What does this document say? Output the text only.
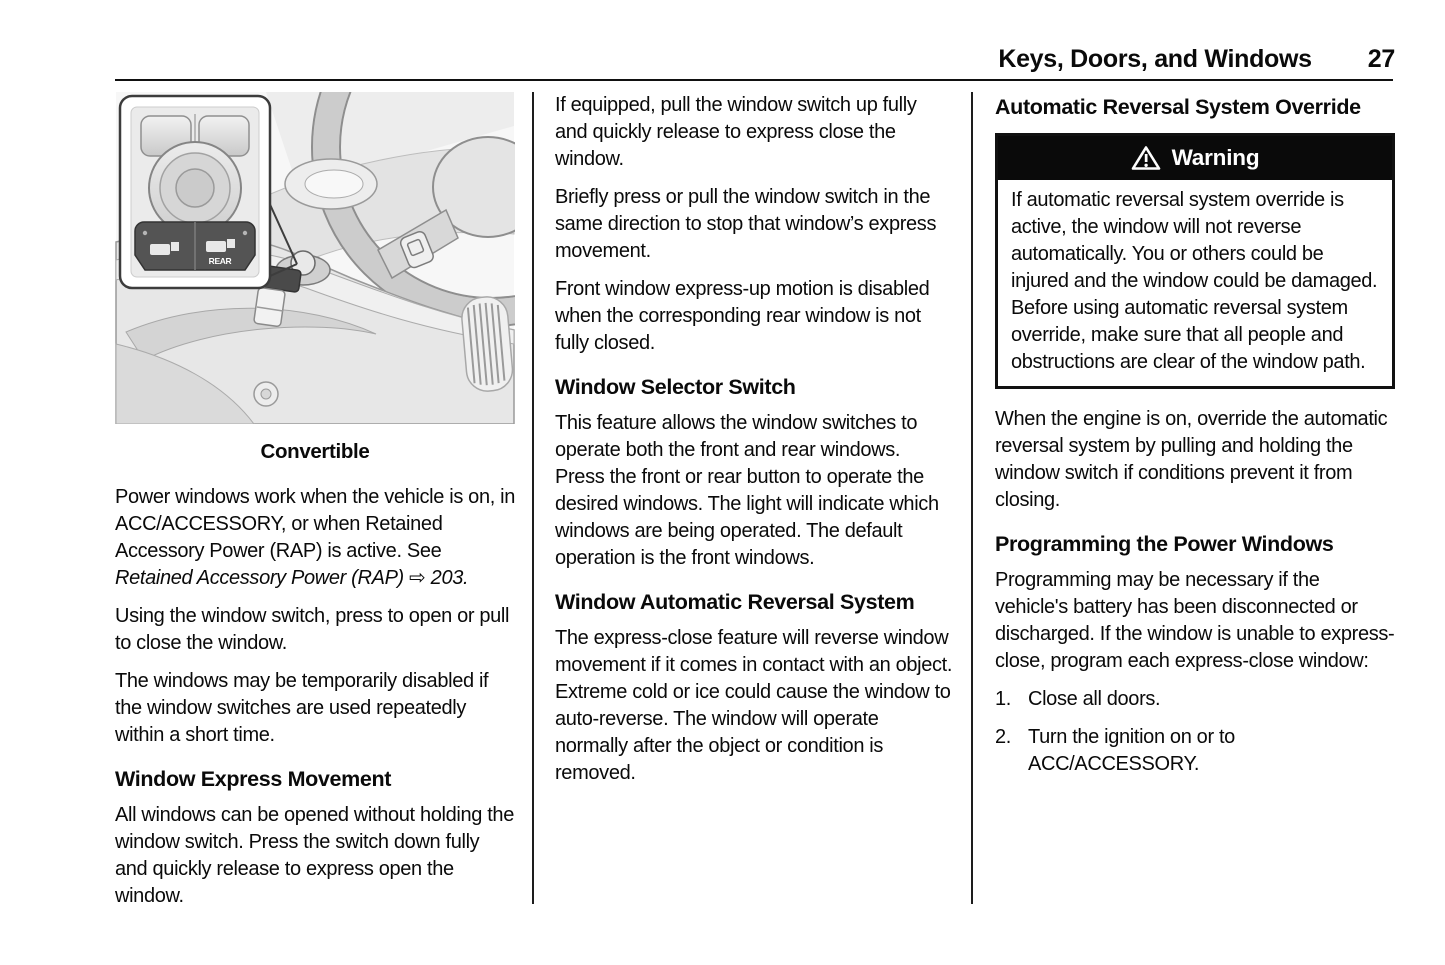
Keys, Doors, and Windows 27
REAR
Convertible

Power windows work when the vehicle is on, in ACC/ACCESSORY, or when Retained Accessory Power (RAP) is active. See Retained Accessory Power (RAP) ⇨ 203.

Using the window switch, press to open or pull to close the window.

The windows may be temporarily disabled if the window switches are used repeatedly within a short time.

Window Express Movement

All windows can be opened without holding the window switch. Press the switch down fully and quickly release to express open the window.

If equipped, pull the window switch up fully and quickly release to express close the window.

Briefly press or pull the window switch in the same direction to stop that window’s express movement.

Front window express-up motion is disabled when the corresponding rear window is not fully closed.

Window Selector Switch

This feature allows the window switches to operate both the front and rear windows. Press the front or rear button to operate the desired windows. The light will indicate which windows are being operated. The default operation is the front windows.

Window Automatic Reversal System

The express-close feature will reverse window movement if it comes in contact with an object. Extreme cold or ice could cause the window to auto-reverse. The window will operate normally after the object or condition is removed.

Automatic Reversal System Override
Warning

If automatic reversal system override is active, the window will not reverse automatically. You or others could be injured and the window could be damaged. Before using automatic reversal system override, make sure that all people and obstructions are clear of the window path.

When the engine is on, override the automatic reversal system by pulling and holding the window switch if conditions prevent it from closing.

Programming the Power Windows

Programming may be necessary if the vehicle's battery has been disconnected or discharged. If the window is unable to express-close, program each express-close window:

1. Close all doors.
2. Turn the ignition on or to ACC/ACCESSORY.
